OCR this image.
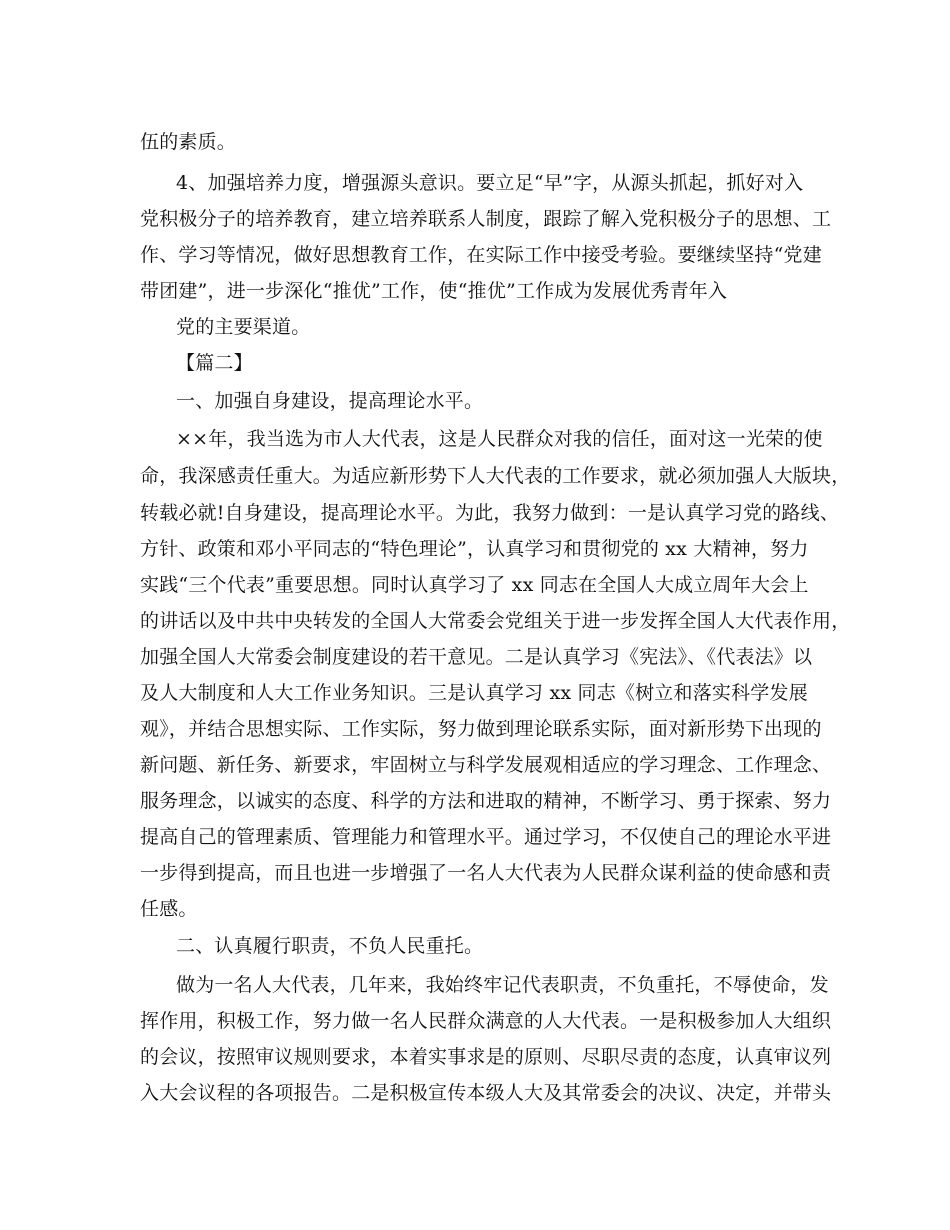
伍的素质。
4、加强培养力度，增强源头意识。要立足“早”字，从源头抓起，抓好对入
党积极分子的培养教育，建立培养联系人制度，跟踪了解入党积极分子的思想、工
作、学习等情况，做好思想教育工作，在实际工作中接受考验。要继续坚持“党建
带团建”，进一步深化“推优”工作，使“推优”工作成为发展优秀青年入
党的主要渠道。
【篇二】
一、加强自身建设，提高理论水平。
××年，我当选为市人大代表，这是人民群众对我的信任，面对这一光荣的使
命，我深感责任重大。为适应新形势下人大代表的工作要求，就必须加强人大版块，
转载必就!自身建设，提高理论水平。为此，我努力做到：一是认真学习党的路线、
方针、政策和邓小平同志的“特色理论”，认真学习和贯彻党的 xx 大精神，努力
实践“三个代表”重要思想。同时认真学习了 xx 同志在全国人大成立周年大会上
的讲话以及中共中央转发的全国人大常委会党组关于进一步发挥全国人大代表作用，
加强全国人大常委会制度建设的若干意见。二是认真学习《宪法》、《代表法》以
及人大制度和人大工作业务知识。三是认真学习 xx 同志《树立和落实科学发展
观》，并结合思想实际、工作实际，努力做到理论联系实际，面对新形势下出现的
新问题、新任务、新要求，牢固树立与科学发展观相适应的学习理念、工作理念、
服务理念，以诚实的态度、科学的方法和进取的精神，不断学习、勇于探索、努力
提高自己的管理素质、管理能力和管理水平。通过学习，不仅使自己的理论水平进
一步得到提高，而且也进一步增强了一名人大代表为人民群众谋利益的使命感和责
任感。
二、认真履行职责，不负人民重托。
做为一名人大代表，几年来，我始终牢记代表职责，不负重托，不辱使命，发
挥作用，积极工作，努力做一名人民群众满意的人大代表。一是积极参加人大组织
的会议，按照审议规则要求，本着实事求是的原则、尽职尽责的态度，认真审议列
入大会议程的各项报告。二是积极宣传本级人大及其常委会的决议、决定，并带头
